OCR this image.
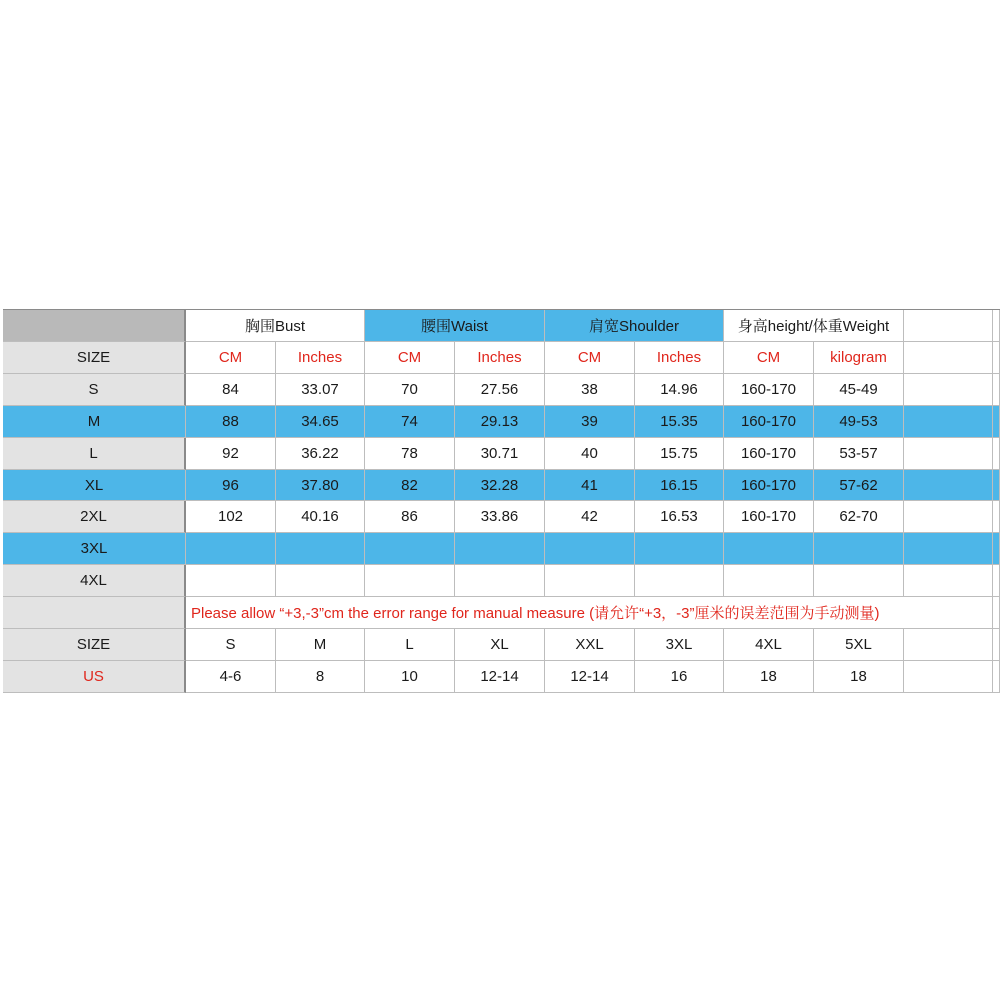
胸围Bust	腰围Waist	肩宽Shoulder	身高height/体重Weight
SIZE	CM	Inches	CM	Inches	CM	Inches	CM	kilogram
S	84	33.07	70	27.56	38	14.96	160-170	45-49
M	88	34.65	74	29.13	39	15.35	160-170	49-53
L	92	36.22	78	30.71	40	15.75	160-170	53-57
XL	96	37.80	82	32.28	41	16.15	160-170	57-62
2XL	102	40.16	86	33.86	42	16.53	160-170	62-70
3XL
4XL
Please allow “+3,-3”cm the error range for manual measure (请允许“+3，-3”厘米的误差范围为手动测量)
SIZE	S	M	L	XL	XXL	3XL	4XL	5XL
US	4-6	8	10	12-14	12-14	16	18	18
